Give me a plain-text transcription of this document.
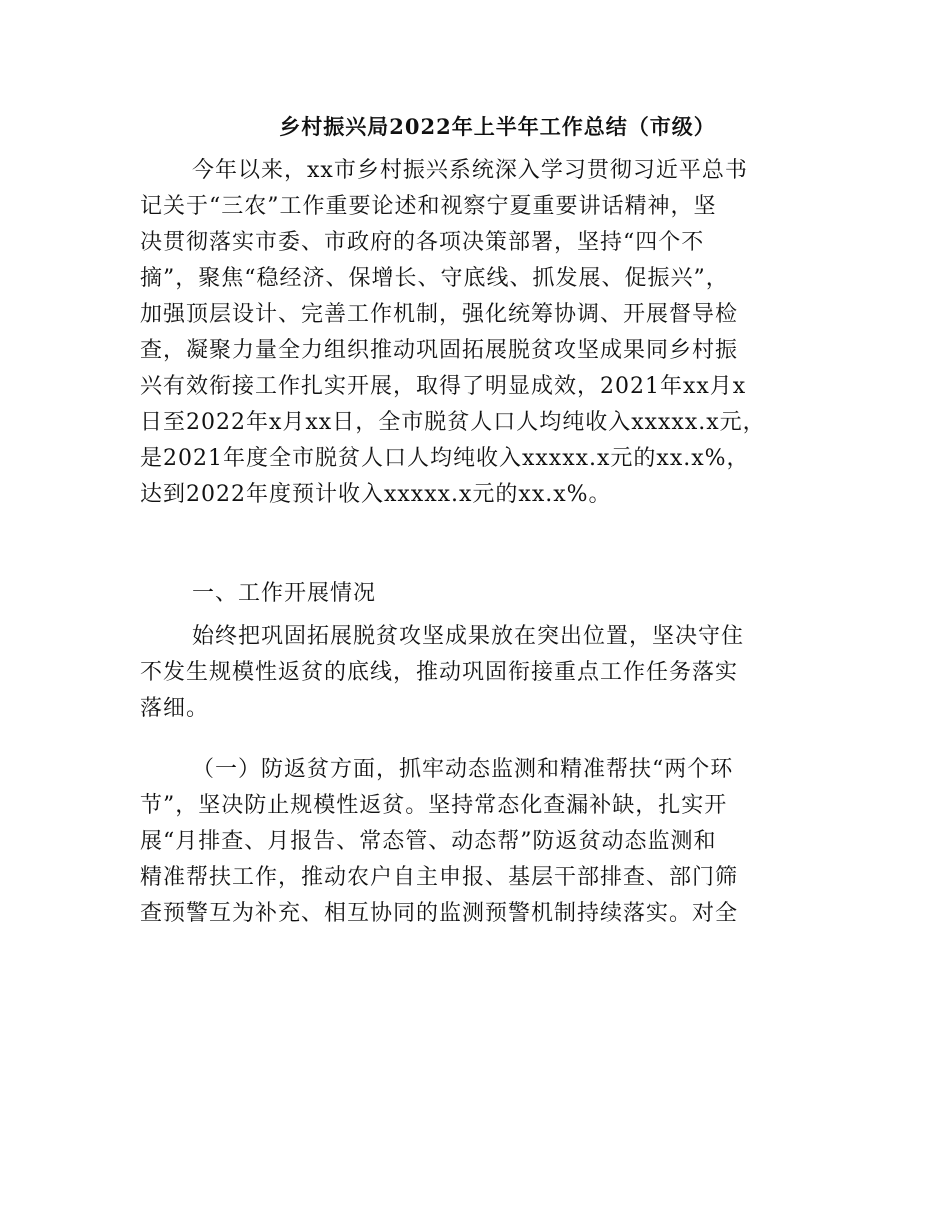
乡村振兴局2022年上半年工作总结（市级）
今年以来，xx市乡村振兴系统深入学习贯彻习近平总书
记关于“三农”工作重要论述和视察宁夏重要讲话精神，坚
决贯彻落实市委、市政府的各项决策部署，坚持“四个不
摘”，聚焦“稳经济、保增长、守底线、抓发展、促振兴”，
加强顶层设计、完善工作机制，强化统筹协调、开展督导检
查，凝聚力量全力组织推动巩固拓展脱贫攻坚成果同乡村振
兴有效衔接工作扎实开展，取得了明显成效，2021年xx月x
日至2022年x月xx日，全市脱贫人口人均纯收入xxxxx.x元，
是2021年度全市脱贫人口人均纯收入xxxxx.x元的xx.x%，
达到2022年度预计收入xxxxx.x元的xx.x%。
一、工作开展情况
始终把巩固拓展脱贫攻坚成果放在突出位置，坚决守住
不发生规模性返贫的底线，推动巩固衔接重点工作任务落实
落细。
（一）防返贫方面，抓牢动态监测和精准帮扶“两个环
节”，坚决防止规模性返贫。坚持常态化查漏补缺，扎实开
展“月排查、月报告、常态管、动态帮”防返贫动态监测和
精准帮扶工作，推动农户自主申报、基层干部排查、部门筛
查预警互为补充、相互协同的监测预警机制持续落实。对全
